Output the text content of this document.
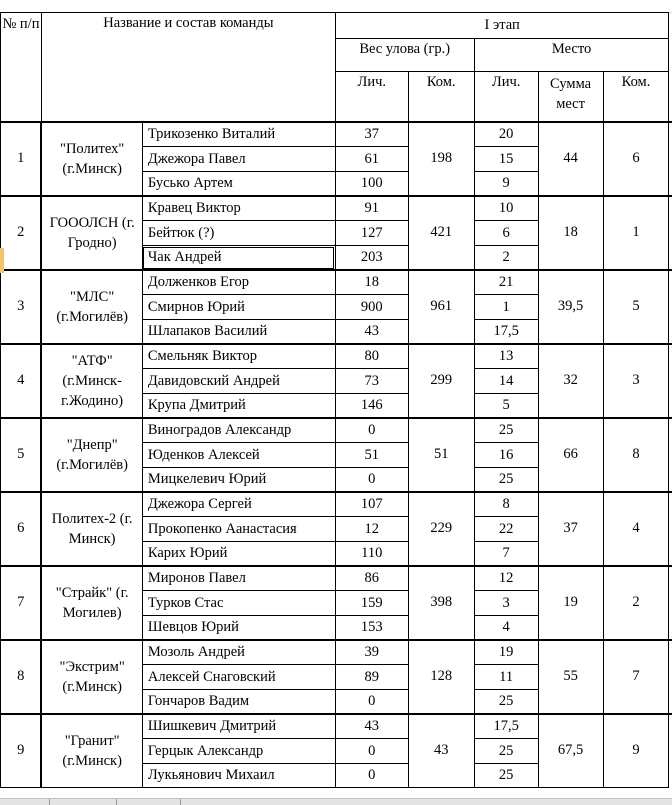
№ п/п	Название и состав команды		I этап					
			Вес улова (гр.)		Место			
			Лич.	Ком.	Лич.	Сумма мест	Ком.	
1	"Политех" (г.Минск)	Трикозенко Виталий	37	198	20	44	6	
		Джежора Павел	61		15			
		Бусько Артем	100		9			
2	ГОООЛСН (г. Гродно)	Кравец Виктор	91	421	10	18	1	
		Бейтюк (?)	127		6			
		Чак Андрей	203		2			
3	"МЛС" (г.Могилёв)	Долженков Егор	18	961	21	39,5	5	
		Смирнов Юрий	900		1			
		Шлапаков Василий	43		17,5			
4	"АТФ" (г.Минск-г.Жодино)	Смельняк Виктор	80	299	13	32	3	
		Давидовский Андрей	73		14			
		Крупа Дмитрий	146		5			
5	"Днепр" (г.Могилёв)	Виноградов Александр	0	51	25	66	8	
		Юденков Алексей	51		16			
		Мицкелевич Юрий	0		25			
6	Политех-2 (г. Минск)	Джежора Сергей	107	229	8	37	4	
		Прокопенко Аанастасия	12		22			
		Карих Юрий	110		7			
7	"Страйк" (г. Могилев)	Миронов Павел	86	398	12	19	2	
		Турков Стас	159		3			
		Шевцов Юрий	153		4			
8	"Экстрим" (г.Минск)	Мозоль Андрей	39	128	19	55	7	
		Алексей Снаговский	89		11			
		Гончаров Вадим	0		25			
9	"Гранит" (г.Минск)	Шишкевич Дмитрий	43	43	17,5	67,5	9	
		Герцык Александр	0		25			
		Лукьянович Михаил	0		25			
